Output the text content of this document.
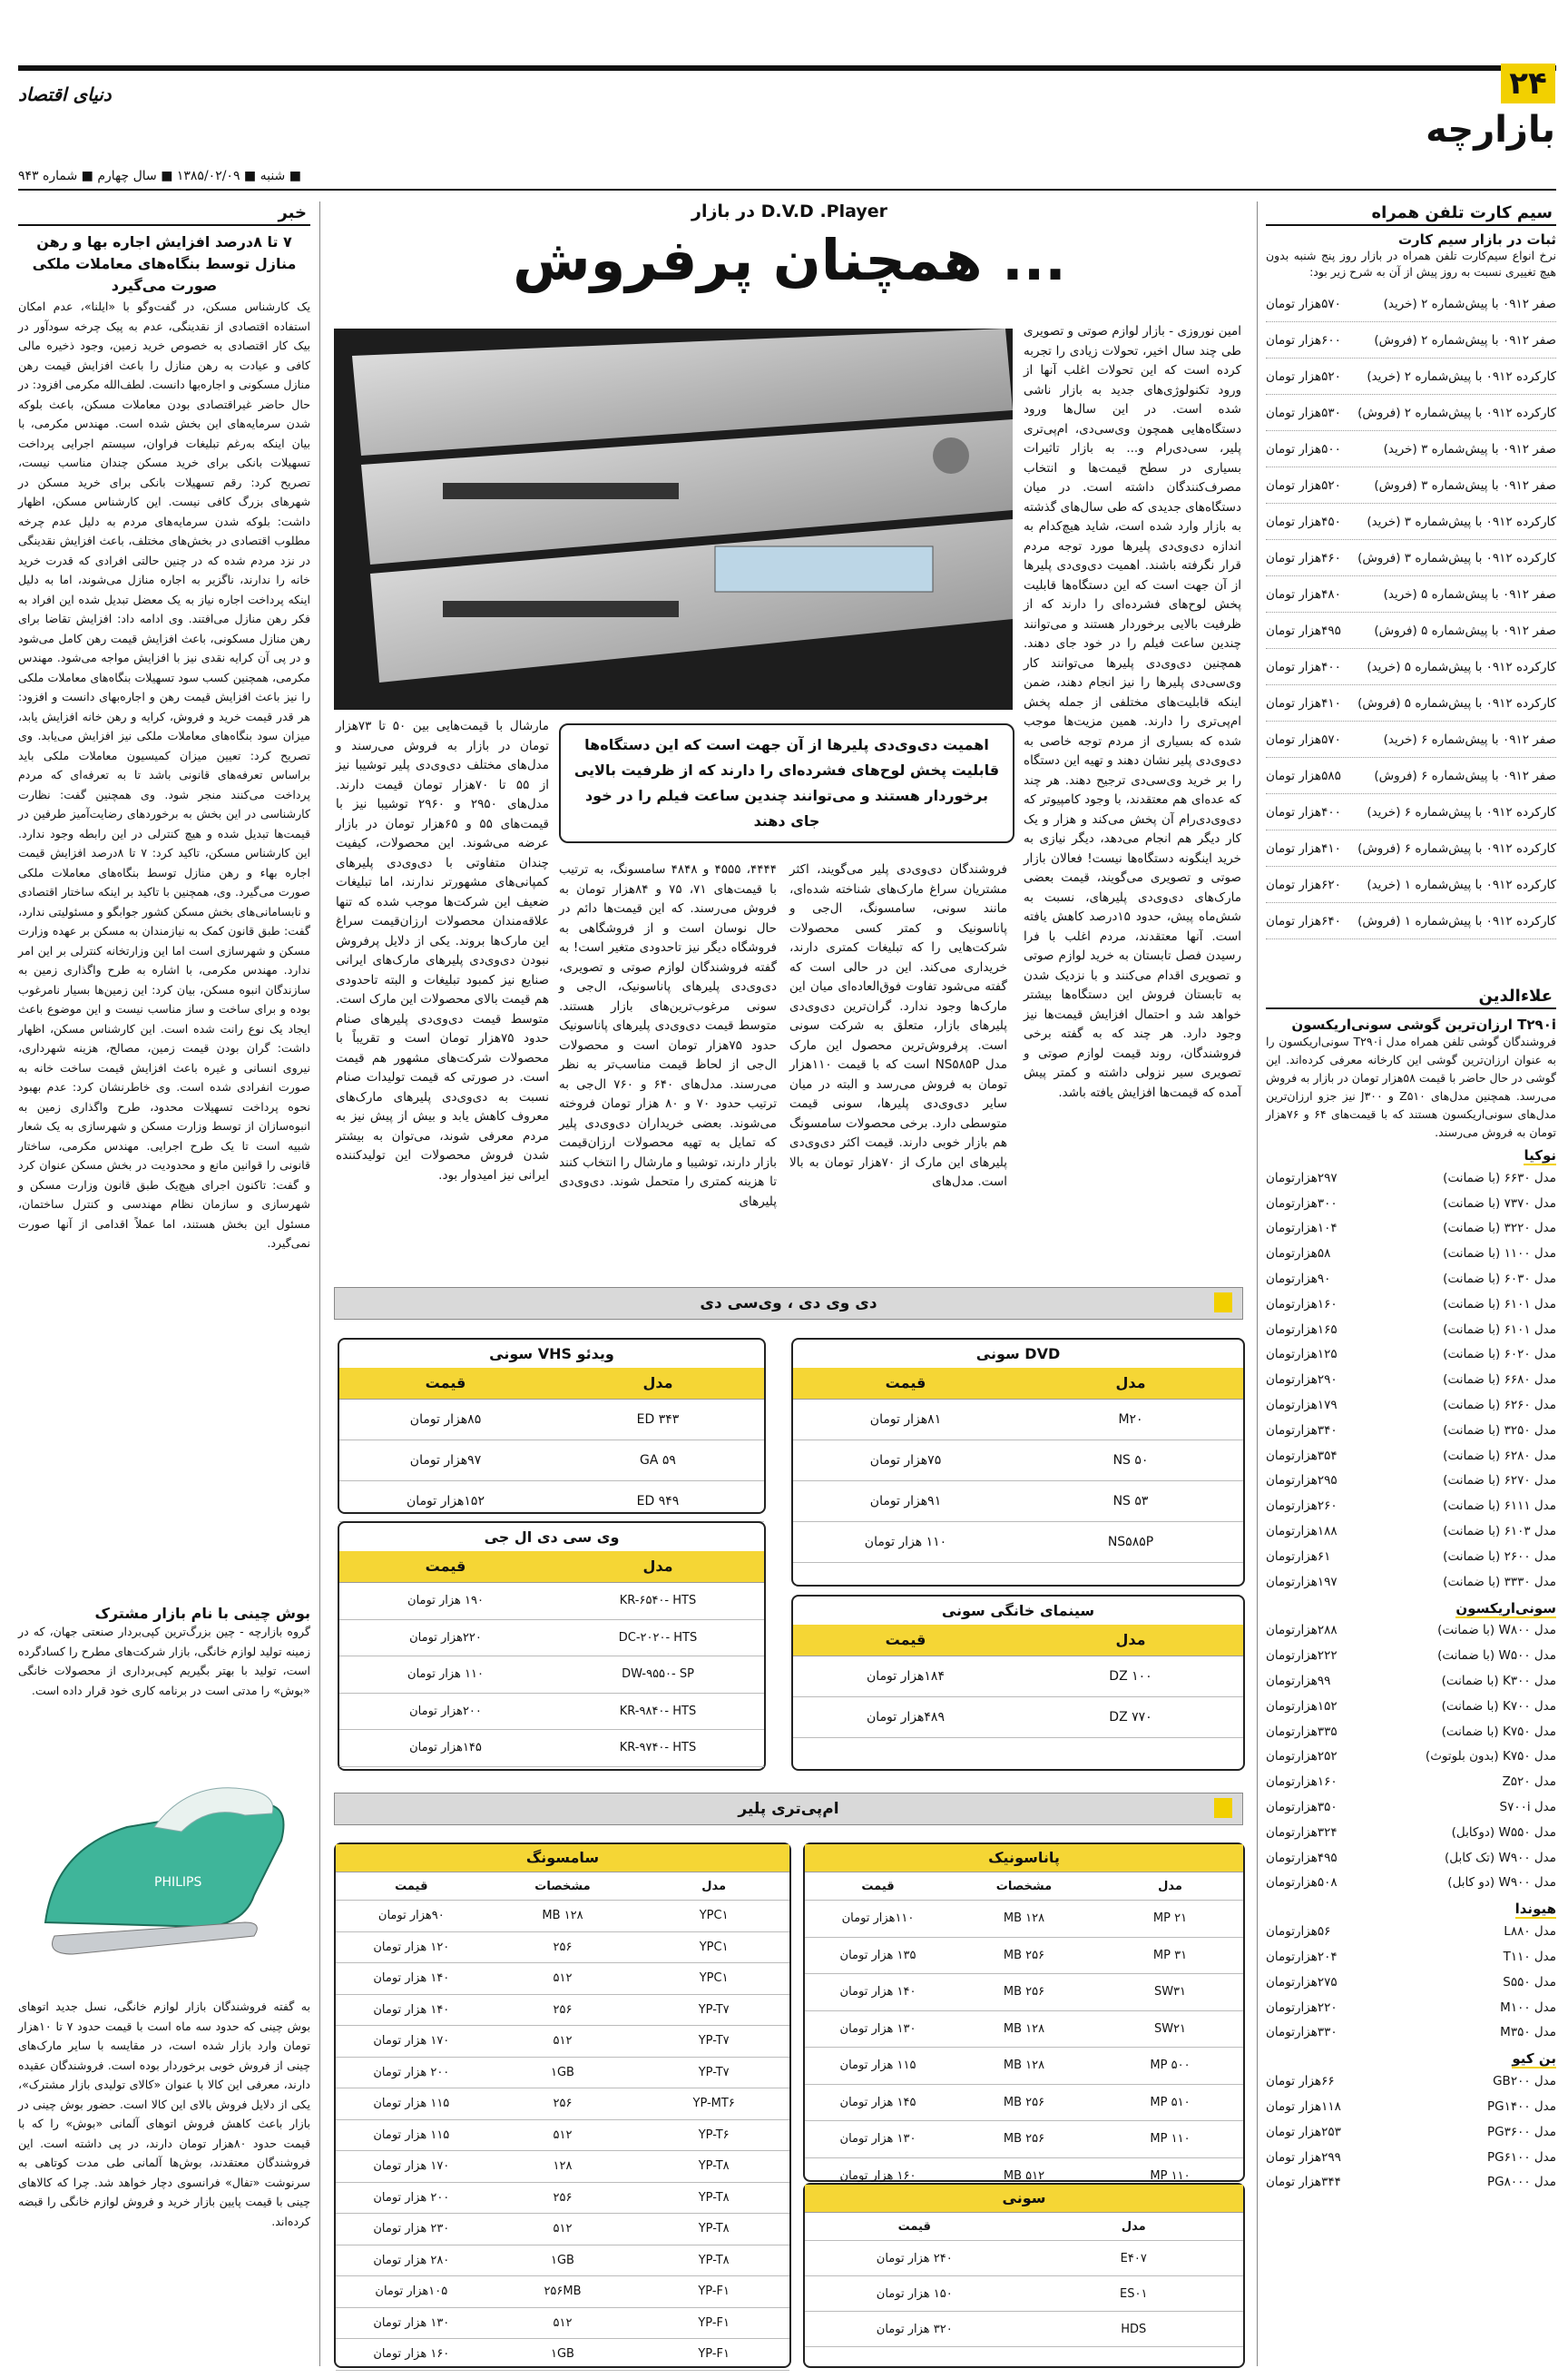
۲۴
بازارچه
دنیای اقتصاد
■ شنبه ■ ۱۳۸۵/۰۲/۰۹ ■ سال چهارم ■ شماره ۹۴۳
سیم کارت تلفن همراه
ثبات در بازار سیم کارت
نرخ انواع سیم‌کارت تلفن همراه در بازار روز پنج شنبه بدون هیچ تغییری نسبت به روز پیش از آن به شرح زیر بود:
صفر ۰۹۱۲ با پیش‌شماره ۲ (خرید)
۵۷۰هزار تومان
صفر ۰۹۱۲ با پیش‌شماره ۲ (فروش)
۶۰۰هزار تومان
کارکرده ۰۹۱۲ با پیش‌شماره ۲ (خرید)
۵۲۰هزار تومان
کارکرده ۰۹۱۲ با پیش‌شماره ۲ (فروش)
۵۳۰هزار تومان
صفر ۰۹۱۲ با پیش‌شماره ۳ (خرید)
۵۰۰هزار تومان
صفر ۰۹۱۲ با پیش‌شماره ۳ (فروش)
۵۲۰هزار تومان
کارکرده ۰۹۱۲ با پیش‌شماره ۳ (خرید)
۴۵۰هزار تومان
کارکرده ۰۹۱۲ با پیش‌شماره ۳ (فروش)
۴۶۰هزار تومان
صفر ۰۹۱۲ با پیش‌شماره ۵ (خرید)
۴۸۰هزار تومان
صفر ۰۹۱۲ با پیش‌شماره ۵ (فروش)
۴۹۵هزار تومان
کارکرده ۰۹۱۲ با پیش‌شماره ۵ (خرید)
۴۰۰هزار تومان
کارکرده ۰۹۱۲ با پیش‌شماره ۵ (فروش)
۴۱۰هزار تومان
صفر ۰۹۱۲ با پیش‌شماره ۶ (خرید)
۵۷۰هزار تومان
صفر ۰۹۱۲ با پیش‌شماره ۶ (فروش)
۵۸۵هزار تومان
کارکرده ۰۹۱۲ با پیش‌شماره ۶ (خرید)
۴۰۰هزار تومان
کارکرده ۰۹۱۲ با پیش‌شماره ۶ (فروش)
۴۱۰هزار تومان
کارکرده ۰۹۱۲ با پیش‌شماره ۱ (خرید)
۶۲۰هزار تومان
کارکرده ۰۹۱۲ با پیش‌شماره ۱ (فروش)
۶۴۰هزار تومان
علاءالدین
T۲۹۰i ارزان‌ترین گوشی سونی‌اریکسون
فروشندگان گوشی تلفن همراه مدل T۲۹۰i سونی‌اریکسون را به عنوان ارزان‌ترین گوشی این کارخانه معرفی کرده‌اند. این گوشی در حال حاضر با قیمت ۵۸هزار تومان در بازار به فروش می‌رسد. همچنین مدل‌های Z۵۱۰ و J۳۰۰ نیز جزو ارزان‌ترین مدل‌های سونی‌اریکسون هستند که با قیمت‌های ۶۴ و ۷۶هزار تومان به فروش می‌رسند.
نوکیا
مدل ۶۶۳۰ (با ضمانت)
۲۹۷هزارتومان
مدل ۷۳۷۰ (با ضمانت)
۳۰۰هزارتومان
مدل ۳۲۲۰ (با ضمانت)
۱۰۴هزارتومان
مدل ۱۱۰۰ (با ضمانت)
۵۸هزارتومان
مدل ۶۰۳۰ (با ضمانت)
۹۰هزارتومان
مدل ۶۱۰۱ (با ضمانت)
۱۶۰هزارتومان
مدل ۶۱۰۱ (با ضمانت)
۱۶۵هزارتومان
مدل ۶۰۲۰ (با ضمانت)
۱۲۵هزارتومان
مدل ۶۶۸۰ (با ضمانت)
۲۹۰هزارتومان
مدل ۶۲۶۰ (با ضمانت)
۱۷۹هزارتومان
مدل ۳۲۵۰ (با ضمانت)
۳۴۰هزارتومان
مدل ۶۲۸۰ (با ضمانت)
۳۵۴هزارتومان
مدل ۶۲۷۰ (با ضمانت)
۲۹۵هزارتومان
مدل ۶۱۱۱ (با ضمانت)
۲۶۰هزارتومان
مدل ۶۱۰۳ (با ضمانت)
۱۸۸هزارتومان
مدل ۲۶۰۰ (با ضمانت)
۶۱هزارتومان
مدل ۳۳۳۰ (با ضمانت)
۱۹۷هزارتومان
سونی‌اریکسون
مدل W۸۰۰ (با ضمانت)
۲۸۸هزارتومان
مدل W۵۰۰ (با ضمانت)
۲۲۲هزارتومان
مدل K۳۰۰ (با ضمانت)
۹۹هزارتومان
مدل K۷۰۰ (با ضمانت)
۱۵۲هزارتومان
مدل K۷۵۰ (با ضمانت)
۳۳۵هزارتومان
مدل K۷۵۰ (بدون بلوتوث)
۲۵۲هزارتومان
مدل Z۵۲۰
۱۶۰هزارتومان
مدل S۷۰۰i
۳۵۰هزارتومان
مدل W۵۵۰ (دوکابل)
۳۲۴هزارتومان
مدل W۹۰۰ (تک کابل)
۴۹۵هزارتومان
مدل W۹۰۰ (دو کابل)
۵۰۸هزارتومان
هیوندا
مدل L۸۸۰
۵۶هزارتومان
مدل T۱۱۰
۲۰۴هزارتومان
مدل S۵۵۰
۲۷۵هزارتومان
مدل M۱۰۰
۲۲۰هزارتومان
مدل M۳۵۰
۳۳۰هزارتومان
بن کیو
مدل GB۲۰۰
۶۶هزار تومان
مدل PG۱۴۰۰
۱۱۸هزار تومان
مدل PG۳۶۰۰
۲۵۳هزار تومان
مدل PG۶۱۰۰
۲۹۹هزار تومان
مدل PG۸۰۰۰
۳۴۴هزار تومان
خبر
۷ تا ۸درصد افزایش اجاره بها و رهن منازل توسط بنگاه‌های معاملات ملکی صورت می‌گیرد
یک کارشناس مسکن، در گفت‌وگو با «ایلنا»، عدم امکان استفاده اقتصادی از نقدینگی، عدم به پیک چرخه سودآور در بیک کار اقتصادی به خصوص خرید زمین، وجود ذخیره مالی کافی و عیادت به رهن منازل را باعث افزایش قیمت رهن منازل مسکونی و اجاره‌بها دانست. لطف‌الله مکرمی افزود: در حال حاضر غیراقتصادی بودن معاملات مسکن، باعث بلوکه شدن سرمایه‌های این بخش شده است. مهندس مکرمی، با بیان اینکه به‌رغم تبلیغات فراوان، سیستم اجرایی پرداخت تسهیلات بانکی برای خرید مسکن چندان مناسب نیست، تصریح کرد: رقم تسهیلات بانکی برای خرید مسکن در شهرهای بزرگ کافی نیست. این کارشناس مسکن، اظهار داشت: بلوکه شدن سرمایه‌های مردم به دلیل عدم چرخه مطلوب اقتصادی در بخش‌های مختلف، باعث افزایش نقدینگی در نزد مردم شده که در چنین حالتی افرادی که قدرت خرید خانه را ندارند، ناگزیر به اجاره منازل می‌شوند، اما به دلیل اینکه پرداخت اجاره نیاز به یک معضل تبدیل شده این افراد به فکر رهن منازل می‌افتند. وی ادامه داد: افزایش تقاضا برای رهن منازل مسکونی، باعث افزایش قیمت رهن کامل می‌شود و در پی آن کرایه نقدی نیز با افزایش مواجه می‌شود. مهندس مکرمی، همچنین کسب سود تسهیلات بنگاه‌های معاملات ملکی را نیز باعث افزایش قیمت رهن و اجاره‌بهای دانست و افزود: هر قدر قیمت خرید و فروش، کرایه و رهن خانه افزایش یابد، میزان سود بنگاه‌های معاملات ملکی نیز افزایش می‌یابد. وی تصریح کرد: تعیین میزان کمیسیون معاملات ملکی باید براساس تعرفه‌های قانونی باشد تا به تعرفه‌ای که مردم پرداخت می‌کنند منجر شود. وی همچنین گفت: نظارت کارشناسی در این بخش به برخوردهای رضایت‌آمیز طرفین در قیمت‌ها تبدیل شده و هیچ کنترلی در این رابطه وجود ندارد. این کارشناس مسکن، تاکید کرد: ۷ تا ۸درصد افزایش قیمت اجاره بهاء و رهن منازل توسط بنگاه‌های معاملات ملکی صورت می‌گیرد. وی، همچنین با تاکید بر اینکه ساختار اقتصادی و نابسامانی‌های بخش مسکن کشور جوابگو و مسئولیتی ندارد، گفت: طبق قانون کمک به نیازمندان به مسکن بر عهده وزارت مسکن و شهرسازی است اما این وزارتخانه کنترلی بر این امر ندارد. مهندس مکرمی، با اشاره به طرح واگذاری زمین به سازندگان انبوه مسکن، بیان کرد: این زمین‌ها بسیار نامرغوب بوده و برای ساخت و ساز مناسب نیست و این موضوع باعث ایجاد یک نوع رانت شده است. این کارشناس مسکن، اظهار داشت: گران بودن قیمت زمین، مصالح، هزینه شهرداری، نیروی انسانی و غیره باعث افزایش قیمت ساخت خانه به صورت انفرادی شده است. وی خاطرنشان کرد: عدم بهبود نحوه پرداخت تسهیلات محدود، طرح واگذاری زمین به انبوه‌سازان از توسط وزارت مسکن و شهرسازی به یک شعار شبیه است تا یک طرح اجرایی. مهندس مکرمی، ساختار قانونی را قوانین مانع و محدودیت در بخش مسکن عنوان کرد و گفت: تاکنون اجرای هیچ‌یک طبق قانون وزارت مسکن و شهرسازی و سازمان نظام مهندسی و کنترل ساختمان، مسئول این بخش هستند، اما عملاً اقدامی از آنها صورت نمی‌گیرد.
بوش چینی با نام بازار مشترک
گروه بازارچه - چین بزرگ‌ترین کپی‌بردار صنعتی جهان، که در زمینه تولید لوازم خانگی، بازار شرکت‌های مطرح را کسادگرده است، تولید با بهتر بگیریم کپی‌برداری از محصولات خانگی «بوش» را مدتی است در برنامه کاری خود قرار داده است.
PHILIPS
به گفته فروشندگان بازار لوازم خانگی، نسل جدید اتوهای بوش چینی که حدود سه ماه است با قیمت حدود ۷ تا ۱۰هزار تومان وارد بازار شده است، در مقایسه با سایر مارک‌های چینی از فروش خوبی برخوردار بوده است. فروشندگان عقیده دارند، معرفی این کالا با عنوان «کالای تولیدی بازار مشترک»، یکی از دلایل فروش بالای این کالا است. حضور بوش چینی در بازار باعث کاهش فروش اتوهای آلمانی «بوش» را که با قیمت حدود ۸۰هزار تومان دارند، در پی داشته است. این فروشندگان معتقدند، بوش‌ها آلمانی طی مدت کوتاهی به سرنوشت «تفال» فرانسوی دچار خواهد شد. چرا که کالاهای چینی با قیمت پایین بازار خرید و فروش لوازم خانگی را قبضه کرده‌اند.
D.V.D .Player در بازار
... همچنان پرفروش
امین نوروزی - بازار لوازم صوتی و تصویری طی چند سال اخیر، تحولات زیادی را تجربه کرده است که این تحولات اغلب آنها از ورود تکنولوژی‌های جدید به بازار ناشی شده است. در این سال‌ها ورود دستگاه‌هایی همچون وی‌سی‌دی، ام‌پی‌تری پلیر، سی‌دی‌رام و... به بازار تاثیرات بسیاری در سطح قیمت‌ها و انتخاب مصرف‌کنندگان داشته است. در میان دستگاه‌های جدیدی که طی سال‌های گذشته به بازار وارد شده است، شاید هیچ‌کدام به اندازه دی‌وی‌دی پلیرها مورد توجه مردم قرار نگرفته باشند. اهمیت دی‌وی‌دی پلیرها از آن جهت است که این دستگاه‌ها قابلیت پخش لوح‌های فشرده‌ای را دارند که از ظرفیت بالایی برخوردار هستند و می‌توانند چندین ساعت فیلم را در خود جای دهند. همچنین دی‌وی‌دی پلیرها می‌توانند کار وی‌سی‌دی پلیرها را نیز انجام دهند، ضمن اینکه قابلیت‌های مختلفی از جمله پخش ام‌پی‌تری را دارند. همین مزیت‌ها موجب شده که بسیاری از مردم توجه خاصی به دی‌وی‌دی پلیر نشان دهند و تهیه این دستگاه را بر خرید وی‌سی‌دی ترجیح دهند. هر چند که عده‌ای هم معتقدند، با وجود کامپیوتر که دی‌وی‌دی‌رام آن پخش می‌کند و هزار و یک کار دیگر هم انجام می‌دهد، دیگر نیازی به خرید اینگونه دستگاه‌ها نیست! فعالان بازار صوتی و تصویری می‌گویند، قیمت بعضی مارک‌های دی‌وی‌دی پلیرهای، نسبت به شش‌ماه پیش، حدود ۱۵درصد کاهش یافته است. آنها معتقدند، مردم اغلب با فرا رسیدن فصل تابستان به خرید لوازم صوتی و تصویری اقدام می‌کنند و با نزدیک شدن به تابستان فروش این دستگاه‌ها بیشتر خواهد شد و احتمال افزایش قیمت‌ها نیز وجود دارد. هر چند که به گفته برخی فروشندگان، روند قیمت لوازم صوتی و تصویری سیر نزولی داشته و کمتر پیش آمده که قیمت‌ها افزایش یافته باشد.
اهمیت دی‌وی‌دی پلیرها از آن جهت است که این دستگاه‌ها قابلیت پخش لوح‌های فشرده‌ای را دارند که از ظرفیت بالایی برخوردار هستند و می‌توانند چندین ساعت فیلم را در خود جای دهند
فروشندگان دی‌وی‌دی پلیر می‌گویند، اکثر مشتریان سراغ مارک‌های شناخته شده‌ای، مانند سونی، سامسونگ، ال‌جی و پاناسونیک و کمتر کسی محصولات شرکت‌هایی را که تبلیغات کمتری دارند، خریداری می‌کند. این در حالی است که گفته می‌شود تفاوت فوق‌العاده‌ای میان این مارک‌ها وجود ندارد. گران‌ترین دی‌وی‌دی پلیرهای بازار، متعلق به شرکت سونی است. پرفروش‌ترین محصول این مارک مدل NS۵۸۵P است که با قیمت ۱۱۰هزار تومان به فروش می‌رسد و البته در میان سایر دی‌وی‌دی پلیرها، سونی قیمت متوسطی دارد. برخی محصولات سامسونگ هم بازار خوبی دارند. قیمت اکثر دی‌وی‌دی پلیرهای این مارک از ۷۰هزار تومان به بالا است. مدل‌های
۴۴۴۴، ۴۵۵۵ و ۴۸۴۸ سامسونگ، به ترتیب با قیمت‌های ۷۱، ۷۵ و ۸۴هزار تومان به فروش می‌رسند. که این قیمت‌ها دائم در حال نوسان است و از فروشگاهی به فروشگاه دیگر نیز تاحدودی متغیر است! به گفته فروشندگان لوازم صوتی و تصویری، دی‌وی‌دی پلیرهای پاناسونیک، ال‌جی و سونی مرغوب‌ترین‌های بازار هستند. متوسط قیمت دی‌وی‌دی پلیرهای پاناسونیک حدود ۷۵هزار تومان است و محصولات ال‌جی از لحاظ قیمت مناسب‌تر به نظر می‌رسند. مدل‌های ۶۴۰ و ۷۶۰ ال‌جی به ترتیب حدود ۷۰ و ۸۰ هزار تومان فروخته می‌شوند. بعضی خریداران دی‌وی‌دی پلیر که تمایل به تهیه محصولات ارزان‌قیمت بازار دارند، توشیبا و مارشال را انتخاب کنند تا هزینه کمتری را متحمل شوند. دی‌وی‌دی پلیرهای
مارشال با قیمت‌هایی بین ۵۰ تا ۷۳هزار تومان در بازار به فروش می‌رسند و مدل‌های مختلف دی‌وی‌دی پلیر توشیبا نیز از ۵۵ تا ۷۰هزار تومان قیمت دارند. مدل‌های ۲۹۵۰ و ۲۹۶۰ توشیبا نیز با قیمت‌های ۵۵ و ۶۵هزار تومان در بازار عرضه می‌شوند. این محصولات، کیفیت چندان متفاوتی با دی‌وی‌دی پلیرهای کمپانی‌های مشهورتر ندارند، اما تبلیغات ضعیف این شرکت‌ها موجب شده که تنها علاقه‌مندان محصولات ارزان‌قیمت سراغ این مارک‌ها بروند. یکی از دلایل پرفروش نبودن دی‌وی‌دی پلیرهای مارک‌های ایرانی صنایع نیز کمبود تبلیغات و البته تاحدودی هم قیمت بالای محصولات این مارک است. متوسط قیمت دی‌وی‌دی پلیرهای صنام حدود ۷۵هزار تومان است و تقریباً با محصولات شرکت‌های مشهور هم قیمت است. در صورتی که قیمت تولیدات صنام نسبت به دی‌وی‌دی پلیرهای مارک‌های معروف کاهش یابد و بیش از پیش نیز به مردم معرفی شوند، می‌توان به بیشتر شدن فروش محصولات این تولیدکننده ایرانی نیز امیدوار بود.
دی وی دی ، وی‌سی دی
DVD سونی
مدل
قیمت
M۲۰
۸۱هزار تومان
NS ۵۰
۷۵هزار تومان
NS ۵۳
۹۱هزار تومان
NS۵۸۵P
۱۱۰ هزار تومان
سینمای خانگی سونی
مدل
قیمت
DZ ۱۰۰
۱۸۴هزار تومان
DZ ۷۷۰
۴۸۹هزار تومان
ویدئو VHS سونی
مدل
قیمت
ED ۳۴۳
۸۵هزار تومان
GA ۵۹
۹۷هزار تومان
ED ۹۴۹
۱۵۲هزار تومان
وی سی دی ال جی
مدل
قیمت
KR-۶۵۴۰- HTS
۱۹۰ هزار تومان
DC-۲۰۲۰- HTS
۲۲۰هزار تومان
DW-۹۵۵۰- SP
۱۱۰ هزار تومان
KR-۹۸۴۰- HTS
۲۰۰هزار تومان
KR-۹۷۴۰- HTS
۱۴۵هزار تومان
ام‌پی‌تری پلیر
پاناسونیک
مدل
مشخصات
قیمت
MP ۲۱
۱۲۸ MB
۱۱۰هزار تومان
MP ۳۱
۲۵۶ MB
۱۳۵ هزار تومان
SW۳۱
۲۵۶ MB
۱۴۰ هزار تومان
SW۲۱
۱۲۸ MB
۱۳۰ هزار تومان
MP ۵۰۰
۱۲۸ MB
۱۱۵ هزار تومان
MP ۵۱۰
۲۵۶ MB
۱۴۵ هزار تومان
MP ۱۱۰
۲۵۶ MB
۱۳۰ هزار تومان
MP ۱۱۰
۵۱۲ MB
۱۶۰ هزار تومان
سونی
مدل
قیمت
E۴۰۷
۲۴۰ هزار تومان
ES۰۱
۱۵۰ هزار تومان
HDS
۳۲۰ هزار تومان
سامسونگ
مدل
مشخصات
قیمت
YPC۱
۱۲۸ MB
۹۰هزار تومان
YPC۱
۲۵۶
۱۲۰ هزار تومان
YPC۱
۵۱۲
۱۴۰ هزار تومان
YP-T۷
۲۵۶
۱۴۰ هزار تومان
YP-T۷
۵۱۲
۱۷۰ هزار تومان
YP-T۷
۱GB
۲۰۰ هزار تومان
YP-MT۶
۲۵۶
۱۱۵ هزار تومان
YP-T۶
۵۱۲
۱۱۵ هزار تومان
YP-T۸
۱۲۸
۱۷۰ هزار تومان
YP-T۸
۲۵۶
۲۰۰ هزار تومان
YP-T۸
۵۱۲
۲۳۰ هزار تومان
YP-T۸
۱GB
۲۸۰ هزار تومان
YP-F۱
۲۵۶MB
۱۰۵هزار تومان
YP-F۱
۵۱۲
۱۳۰ هزار تومان
YP-F۱
۱GB
۱۶۰ هزار تومان
